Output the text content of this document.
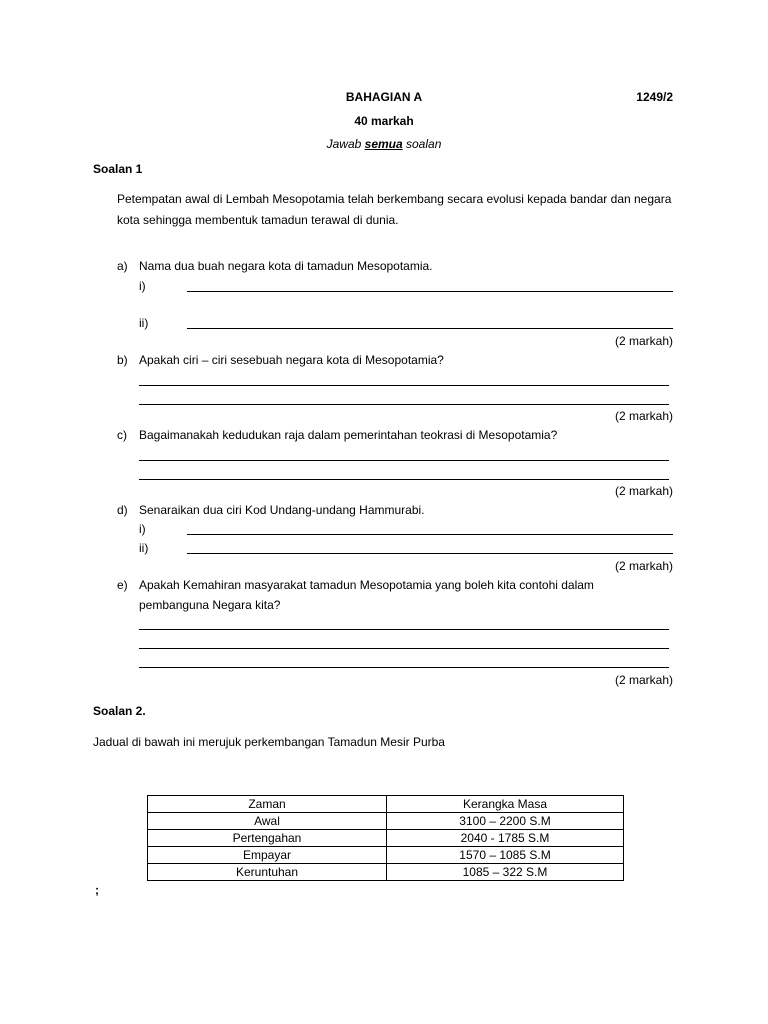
BAHAGIAN A	1249/2
40 markah
Jawab semua soalan
Soalan 1
Petempatan awal di Lembah Mesopotamia telah berkembang secara evolusi kepada bandar dan negara kota sehingga membentuk tamadun terawal di dunia.
a) Nama dua buah negara kota di tamadun Mesopotamia.
i)
ii)
(2 markah)
b) Apakah ciri – ciri sesebuah negara kota di Mesopotamia?
(2 markah)
c) Bagaimanakah kedudukan raja dalam pemerintahan teokrasi di Mesopotamia?
(2 markah)
d) Senaraikan dua ciri Kod Undang-undang Hammurabi.
i)
ii)
(2 markah)
e) Apakah Kemahiran masyarakat tamadun Mesopotamia yang boleh kita contohi dalam
pembanguna Negara kita?
(2 markah)
Soalan 2.
Jadual di bawah ini merujuk perkembangan Tamadun Mesir Purba
Zaman	Kerangka Masa
Awal	3100 – 2200 S.M
Pertengahan	2040 - 1785 S.M
Empayar	1570 – 1085 S.M
Keruntuhan	1085 – 322 S.M
;
